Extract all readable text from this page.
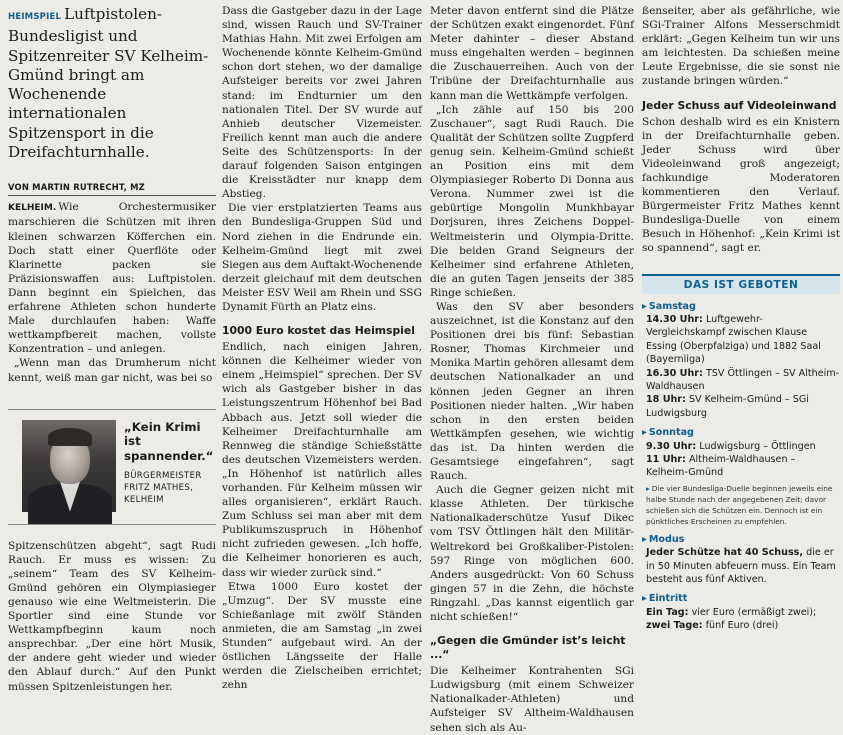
HEIMSPIEL Luftpistolen-Bundesligist und Spitzenreiter SV Kelheim-Gmünd bringt am Wochenende internationalen Spitzensport in die Dreifachturnhalle.
VON MARTIN RUTRECHT, MZ

KELHEIM. Wie Orchestermusiker marschieren die Schützen mit ihren kleinen schwarzen Köfferchen ein. Doch statt einer Querflöte oder Klarinette packen sie Präzisionswaffen aus: Luftpistolen. Dann beginnt ein Spielchen, das erfahrene Athleten schon hunderte Male durchlaufen haben: Waffe wettkampfbereit machen, vollste Konzentration – und anlegen.

„Wenn man das Drumherum nicht kennt, weiß man gar nicht, was bei so

„Kein Krimi ist spannender.“
BÜRGERMEISTER
FRITZ MATHES,
KELHEIM

Spitzenschützen abgeht“, sagt Rudi Rauch. Er muss es wissen: Zu „seinem“ Team des SV Kelheim-Gmünd gehören ein Olympiasieger genauso wie eine Weltmeisterin. Die Sportler sind eine Stunde vor Wettkampfbeginn kaum noch ansprechbar. „Der eine hört Musik, der andere geht wieder und wieder den Ablauf durch.“ Auf den Punkt müssen Spitzenleistungen her.

Dass die Gastgeber dazu in der Lage sind, wissen Rauch und SV-Trainer Mathias Hahn. Mit zwei Erfolgen am Wochenende könnte Kelheim-Gmünd schon dort stehen, wo der damalige Aufsteiger bereits vor zwei Jahren stand: im Endturnier um den nationalen Titel. Der SV wurde auf Anhieb deutscher Vizemeister. Freilich kennt man auch die andere Seite des Schützensports: In der darauf folgenden Saison entgingen die Kreisstädter nur knapp dem Abstieg.

Die vier erstplatzierten Teams aus den Bundesliga-Gruppen Süd und Nord ziehen in die Endrunde ein. Kelheim-Gmünd liegt mit zwei Siegen aus dem Auftakt-Wochenende derzeit gleichauf mit dem deutschen Meister ESV Weil am Rhein und SSG Dynamit Fürth an Platz eins.

1000 Euro kostet das Heimspiel

Endlich, nach einigen Jahren, können die Kelheimer wieder von einem „Heimspiel“ sprechen. Der SV wich als Gastgeber bisher in das Leistungszentrum Höhenhof bei Bad Abbach aus. Jetzt soll wieder die Kelheimer Dreifachturnhalle am Rennweg die ständige Schießstätte des deutschen Vizemeisters werden. „In Höhenhof ist natürlich alles vorhanden. Für Kelheim müssen wir alles organisieren“, erklärt Rauch. Zum Schluss sei man aber mit dem Publikumszuspruch in Höhenhof nicht zufrieden gewesen. „Ich hoffe, die Kelheimer honorieren es auch, dass wir wieder zurück sind.“

Etwa 1000 Euro kostet der „Umzug“. Der SV musste eine Schießanlage mit zwölf Ständen anmieten, die am Samstag „in zwei Stunden“ aufgebaut wird. An der östlichen Längsseite der Halle werden die Zielscheiben errichtet; zehn

Meter davon entfernt sind die Plätze der Schützen exakt eingenordet. Fünf Meter dahinter – dieser Abstand muss eingehalten werden – beginnen die Zuschauerreihen. Auch von der Tribüne der Dreifachturnhalle aus kann man die Wettkämpfe verfolgen.

„Ich zähle auf 150 bis 200 Zuschauer“, sagt Rudi Rauch. Die Qualität der Schützen sollte Zugpferd genug sein. Kelheim-Gmünd schießt an Position eins mit dem Olympiasieger Roberto Di Donna aus Verona. Nummer zwei ist die gebürtige Mongolin Munkhbayar Dorjsuren, ihres Zeichens Doppel-Weltmeisterin und Olympia-Dritte. Die beiden Grand Seigneurs der Kelheimer sind erfahrene Athleten, die an guten Tagen jenseits der 385 Ringe schießen.

Was den SV aber besonders auszeichnet, ist die Konstanz auf den Positionen drei bis fünf: Sebastian Rosner, Thomas Kirchmeier und Monika Martin gehören allesamt dem deutschen Nationalkader an und können jeden Gegner an ihren Positionen nieder halten. „Wir haben schon in den ersten beiden Wettkämpfen gesehen, wie wichtig das ist. Da hinten werden die Gesamtsiege eingefahren“, sagt Rauch.

Auch die Gegner geizen nicht mit klasse Athleten. Der türkische Nationalkaderschütze Yusuf Dikec vom TSV Öttlingen hält den Militär-Weltrekord bei Großkaliber-Pistolen: 597 Ringe von möglichen 600. Anders ausgedrückt: Von 60 Schuss gingen 57 in die Zehn, die höchste Ringzahl. „Das kannst eigentlich gar nicht schießen!“

„Gegen die Gmünder ist’s leicht ...“

Die Kelheimer Kontrahenten SGi Ludwigsburg (mit einem Schweizer Nationalkader-Athleten) und Aufsteiger SV Altheim-Waldhausen sehen sich als Au-

ßenseiter, aber als gefährliche, wie SGi-Trainer Alfons Messerschmidt erklärt: „Gegen Kelheim tun wir uns am leichtesten. Da schießen meine Leute Ergebnisse, die sie sonst nie zustande bringen würden.“

Jeder Schuss auf Videoleinwand

Schon deshalb wird es ein Knistern in der Dreifachturnhalle geben. Jeder Schuss wird über Videoleinwand groß angezeigt; fachkundige Moderatoren kommentieren den Verlauf. Bürgermeister Fritz Mathes kennt Bundesliga-Duelle von einem Besuch in Höhenhof: „Kein Krimi ist so spannend“, sagt er.

DAS IST GEBOTEN
▸ Samstag
14.30 Uhr: Luftgewehr-Vergleichskampf zwischen Klause Essing (Oberpfalziga) und 1882 Saal (Bayernliga)
16.30 Uhr: TSV Öttlingen – SV Altheim-Waldhausen
18 Uhr: SV Kelheim-Gmünd – SGi Ludwigsburg
▸ Sonntag
9.30 Uhr: Ludwigsburg – Öttlingen
11 Uhr: Altheim-Waldhausen – Kelheim-Gmünd
▸ Die vier Bundesliga-Duelle beginnen jeweils eine halbe Stunde nach der angegebenen Zeit; davor schießen sich die Schützen ein. Dennoch ist ein pünktliches Erscheinen zu empfehlen.
▸ Modus
Jeder Schütze hat 40 Schuss, die er in 50 Minuten abfeuern muss. Ein Team besteht aus fünf Aktiven.
▸ Eintritt
Ein Tag: vier Euro (ermäßigt zwei); zwei Tage: fünf Euro (drei)
